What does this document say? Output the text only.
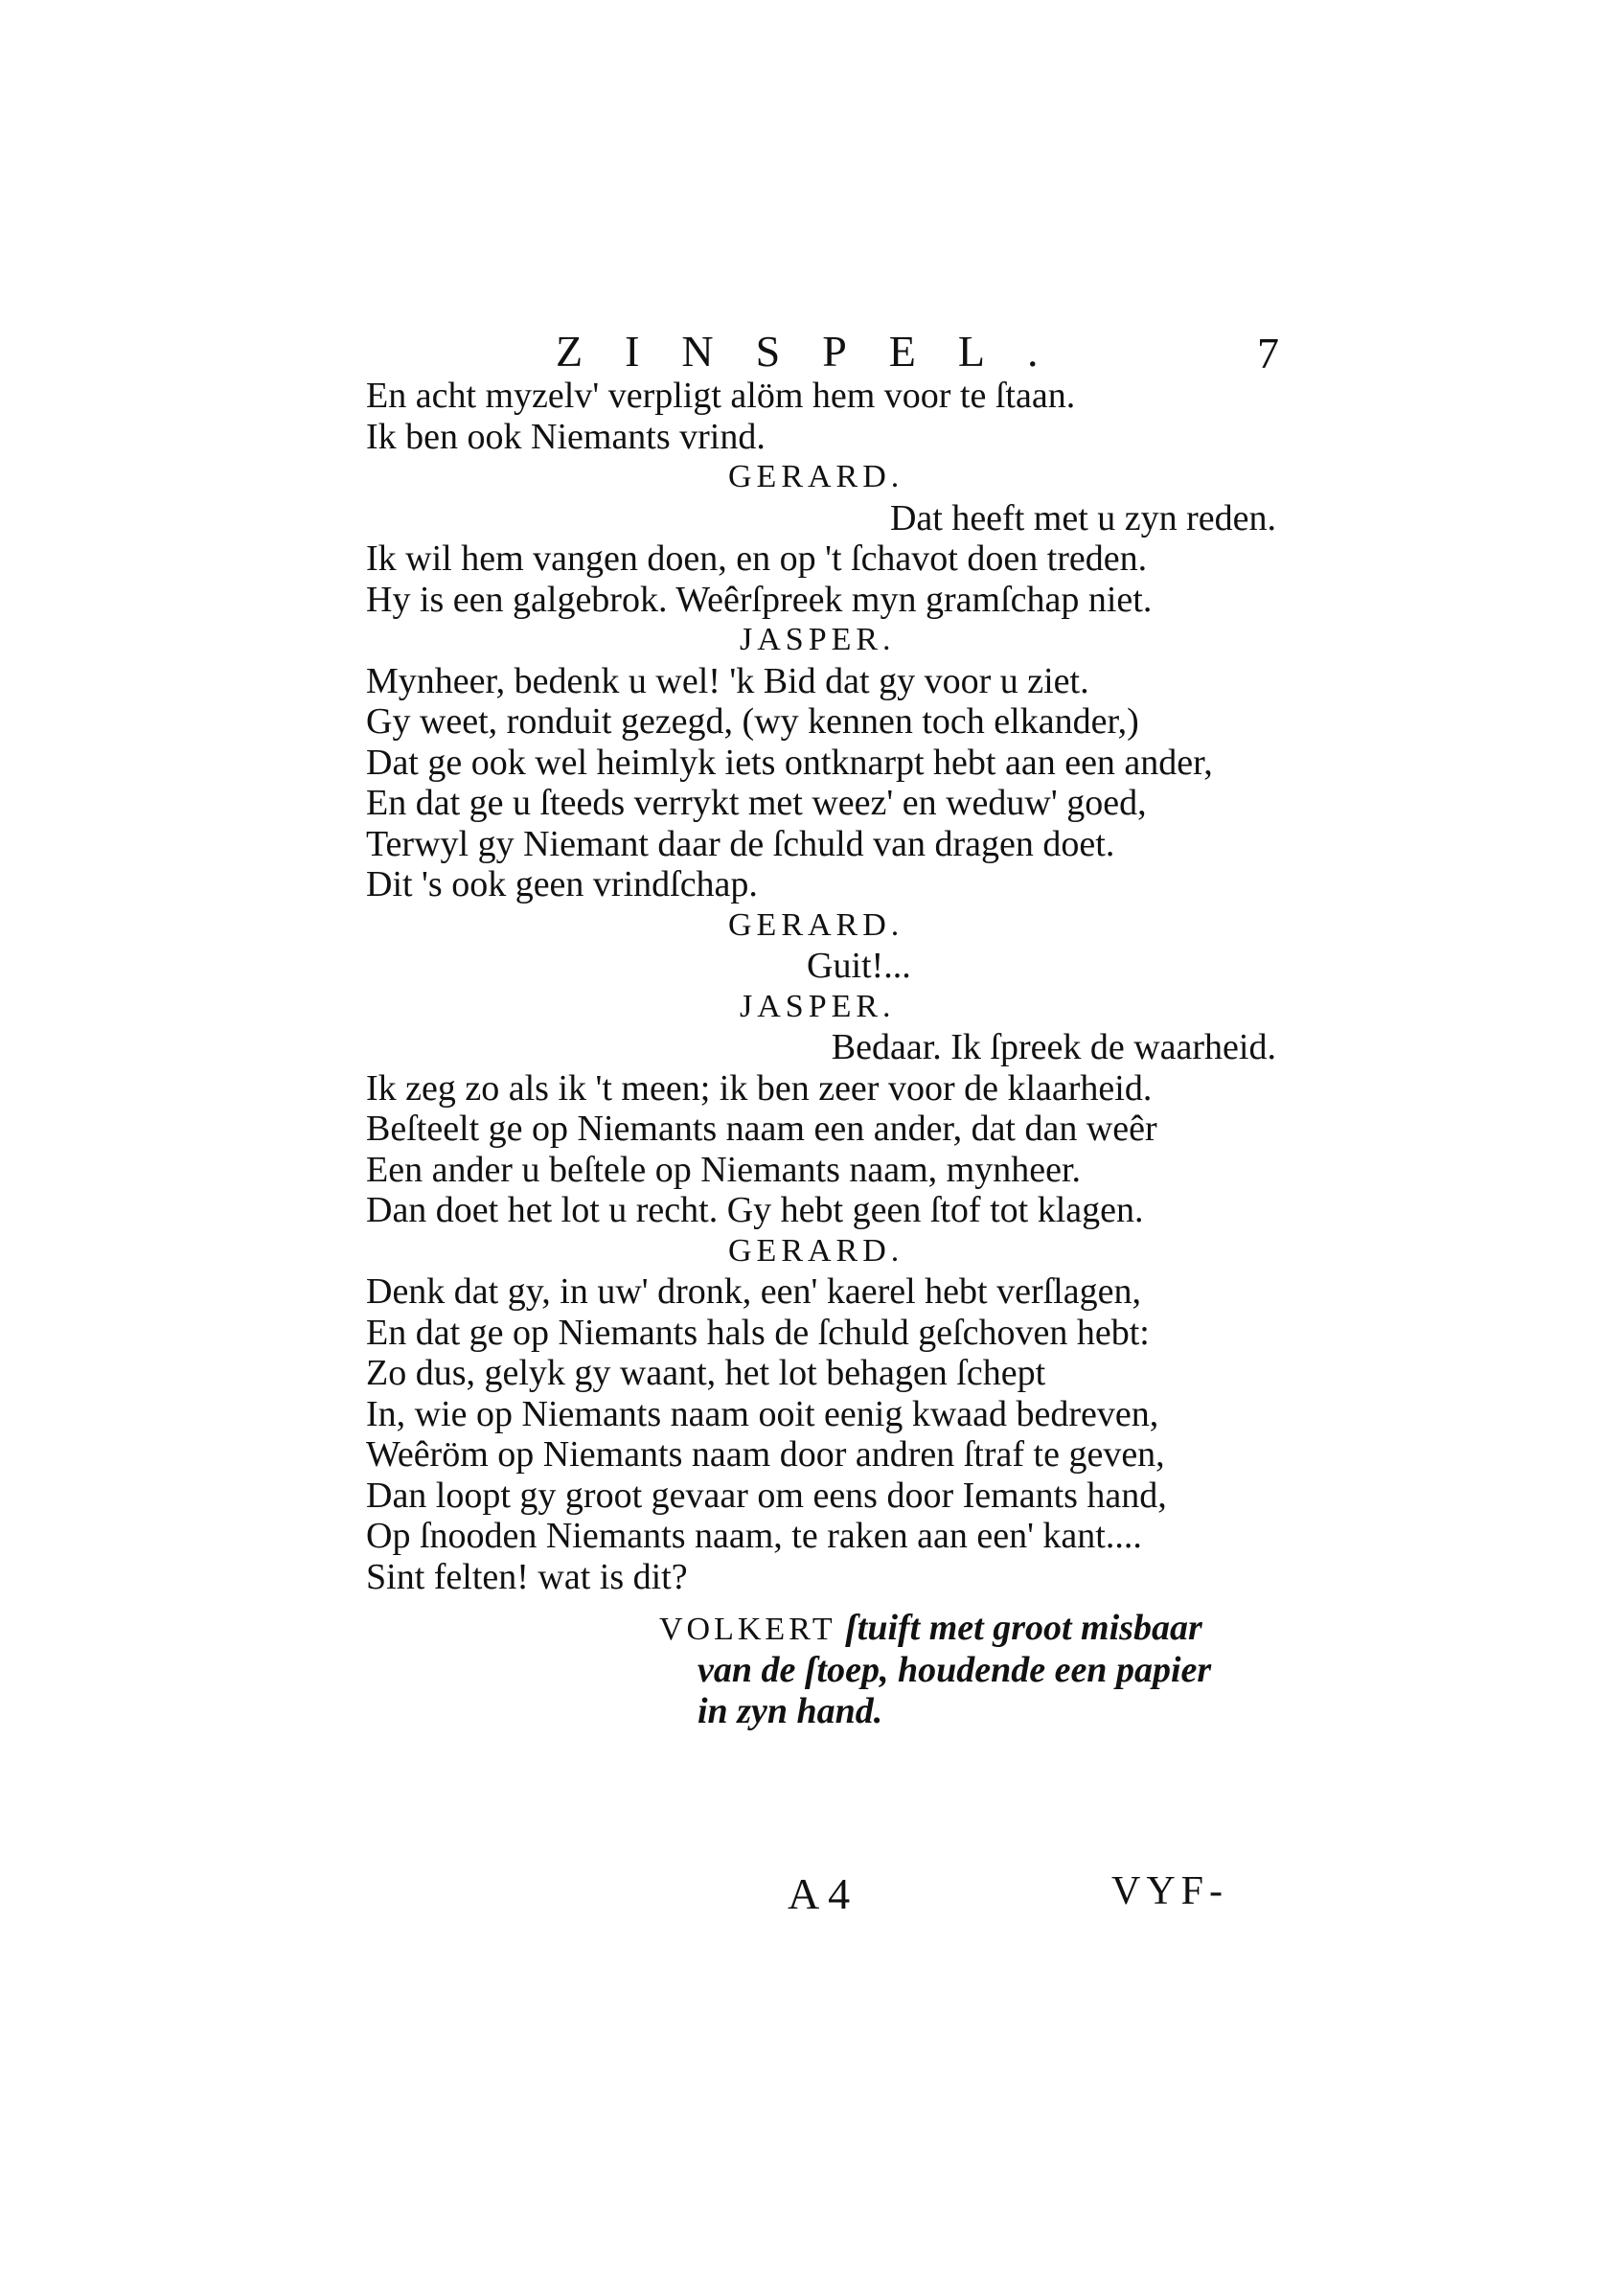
ZINSPEL.	7
En acht myzelv' verpligt alöm hem voor te ſtaan.
Ik ben ook Niemants vrind.
GERARD.
Dat heeft met u zyn reden.
Ik wil hem vangen doen, en op 't ſchavot doen treden.
Hy is een galgebrok. Weêrſpreek myn gramſchap niet.
JASPER.
Mynheer, bedenk u wel! 'k Bid dat gy voor u ziet.
Gy weet, ronduit gezegd, (wy kennen toch elkander,)
Dat ge ook wel heimlyk iets ontknarpt hebt aan een ander,
En dat ge u ſteeds verrykt met weez' en weduw' goed,
Terwyl gy Niemant daar de ſchuld van dragen doet.
Dit 's ook geen vrindſchap.
GERARD.
Guit!...
JASPER.
Bedaar. Ik ſpreek de waarheid.
Ik zeg zo als ik 't meen; ik ben zeer voor de klaarheid.
Beſteelt ge op Niemants naam een ander, dat dan weêr
Een ander u beſtele op Niemants naam, mynheer.
Dan doet het lot u recht. Gy hebt geen ſtof tot klagen.
GERARD.
Denk dat gy, in uw' dronk, een' kaerel hebt verſlagen,
En dat ge op Niemants hals de ſchuld geſchoven hebt:
Zo dus, gelyk gy waant, het lot behagen ſchept
In, wie op Niemants naam ooit eenig kwaad bedreven,
Weêröm op Niemants naam door andren ſtraf te geven,
Dan loopt gy groot gevaar om eens door Iemants hand,
Op ſnooden Niemants naam, te raken aan een' kant....
Sint felten! wat is dit?
VOLKERT ſtuift met groot misbaar
van de ſtoep, houdende een papier
in zyn hand.
A 4	VYF-
